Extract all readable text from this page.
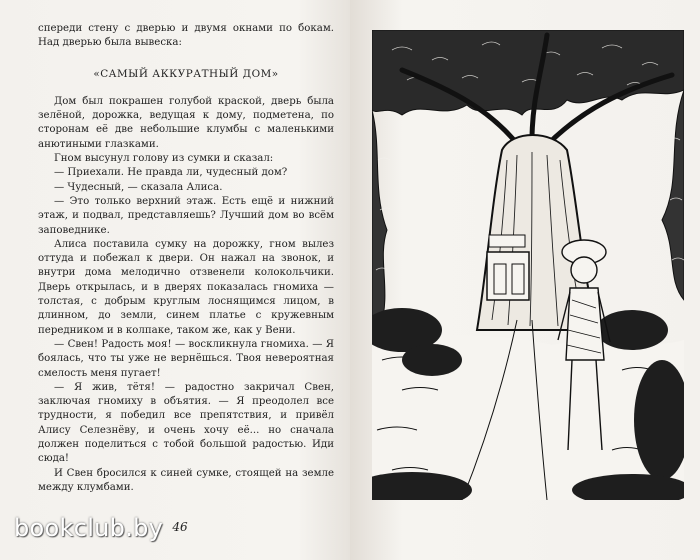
спереди стену с дверью и двумя окнами по бокам. Над дверью была вывеска:

«САМЫЙ АККУРАТНЫЙ ДОМ»

Дом был покрашен голубой краской, дверь была зелёной, дорожка, ведущая к дому, подметена, по сторонам её две небольшие клумбы с маленькими анютиными глазками.

Гном высунул голову из сумки и сказал:

— Приехали. Не правда ли, чудесный дом?

— Чудесный, — сказала Алиса.

— Это только верхний этаж. Есть ещё и нижний этаж, и подвал, представляешь? Лучший дом во всём заповеднике.

Алиса поставила сумку на дорожку, гном вылез оттуда и побежал к двери. Он нажал на звонок, и внутри дома мелодично отзвенели колокольчики. Дверь открылась, и в дверях показалась гномиха — толстая, с добрым круглым лоснящимся лицом, в длинном, до земли, синем платье с кружевным передником и в колпаке, таком же, как у Вени.

— Свен! Радость моя! — воскликнула гномиха. — Я боялась, что ты уже не вернёшься. Твоя невероятная смелость меня пугает!

— Я жив, тётя! — радостно закричал Свен, заключая гномиху в объятия. — Я преодолел все трудности, я победил все препятствия, и привёл Алису Селезнёву, и очень хочу её... но сначала должен поделиться с тобой большой радостью. Иди сюда!

И Свен бросился к синей сумке, стоящей на земле между клумбами.

46
bookclub.by
